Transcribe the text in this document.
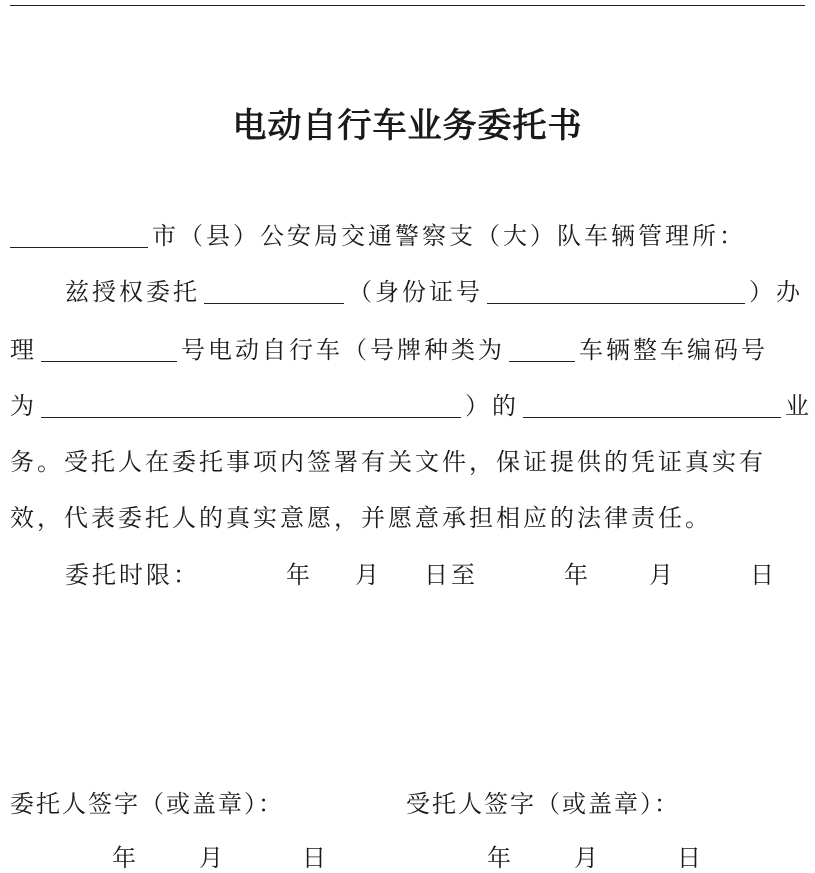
电动自行车业务委托书
市（县）公安局交通警察支（大）队车辆管理所：
兹授权委托	（身份证号	）办
理	号电动自行车（号牌种类为	车辆整车编码号
为	）的	业
务。受托人在委托事项内签署有关文件，保证提供的凭证真实有
效，代表委托人的真实意愿，并愿意承担相应的法律责任。
委托时限：	年 月 日至	年 月	日
委托人签字（或盖章）：	受托人签字（或盖章）：
年	月	日	年	月	日
